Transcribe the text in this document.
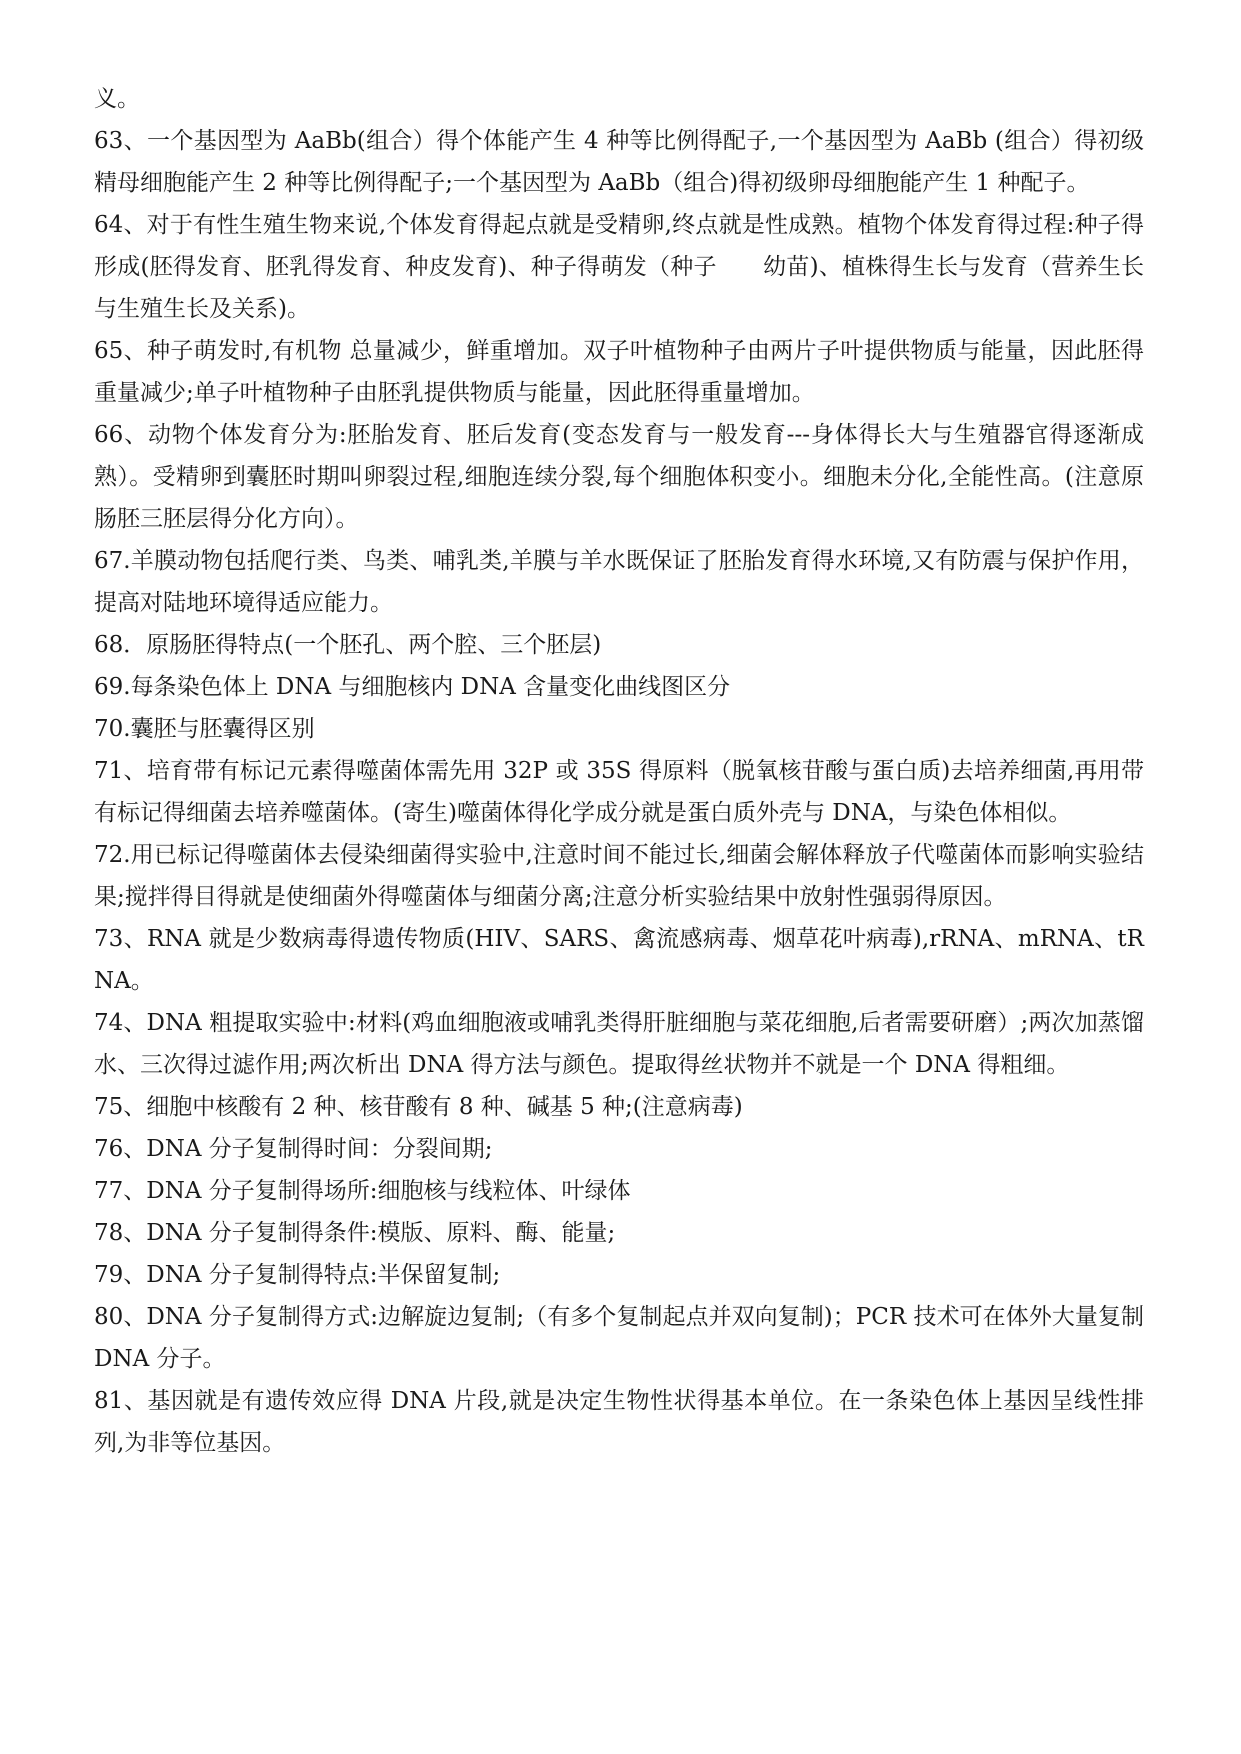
义。

63、一个基因型为 AaBb(组合）得个体能产生 4 种等比例得配子,一个基因型为 AaBb (组合）得初级精母细胞能产生 2 种等比例得配子;一个基因型为 AaBb（组合)得初级卵母细胞能产生 1 种配子。

64、对于有性生殖生物来说,个体发育得起点就是受精卵,终点就是性成熟。植物个体发育得过程:种子得形成(胚得发育、胚乳得发育、种皮发育)、种子得萌发（种子　　幼苗)、植株得生长与发育（营养生长与生殖生长及关系)。

65、种子萌发时,有机物 总量减少，鲜重增加。双子叶植物种子由两片子叶提供物质与能量，因此胚得重量减少;单子叶植物种子由胚乳提供物质与能量，因此胚得重量增加。

66、动物个体发育分为:胚胎发育、胚后发育(变态发育与一般发育---身体得长大与生殖器官得逐渐成熟）。受精卵到囊胚时期叫卵裂过程,细胞连续分裂,每个细胞体积变小。细胞未分化,全能性高。(注意原肠胚三胚层得分化方向）。

67.羊膜动物包括爬行类、鸟类、哺乳类,羊膜与羊水既保证了胚胎发育得水环境,又有防震与保护作用，提高对陆地环境得适应能力。

68．原肠胚得特点(一个胚孔、两个腔、三个胚层)

69.每条染色体上 DNA 与细胞核内 DNA 含量变化曲线图区分

70.囊胚与胚囊得区别

71、培育带有标记元素得噬菌体需先用 32P 或 35S 得原料（脱氧核苷酸与蛋白质)去培养细菌,再用带有标记得细菌去培养噬菌体。(寄生)噬菌体得化学成分就是蛋白质外壳与 DNA，与染色体相似。

72.用已标记得噬菌体去侵染细菌得实验中,注意时间不能过长,细菌会解体释放子代噬菌体而影响实验结果;搅拌得目得就是使细菌外得噬菌体与细菌分离;注意分析实验结果中放射性强弱得原因。

73、RNA 就是少数病毒得遗传物质(HIV、SARS、禽流感病毒、烟草花叶病毒),rRNA、mRNA、tRNA。

74、DNA 粗提取实验中:材料(鸡血细胞液或哺乳类得肝脏细胞与菜花细胞,后者需要研磨）;两次加蒸馏水、三次得过滤作用;两次析出 DNA 得方法与颜色。提取得丝状物并不就是一个 DNA 得粗细。

75、细胞中核酸有 2 种、核苷酸有 8 种、碱基 5 种;(注意病毒)

76、DNA 分子复制得时间：分裂间期;

77、DNA 分子复制得场所:细胞核与线粒体、叶绿体

78、DNA 分子复制得条件:模版、原料、酶、能量;

79、DNA 分子复制得特点:半保留复制;

80、DNA 分子复制得方式:边解旋边复制;（有多个复制起点并双向复制)；PCR 技术可在体外大量复制 DNA 分子。

81、基因就是有遗传效应得 DNA 片段,就是决定生物性状得基本单位。在一条染色体上基因呈线性排列,为非等位基因。
